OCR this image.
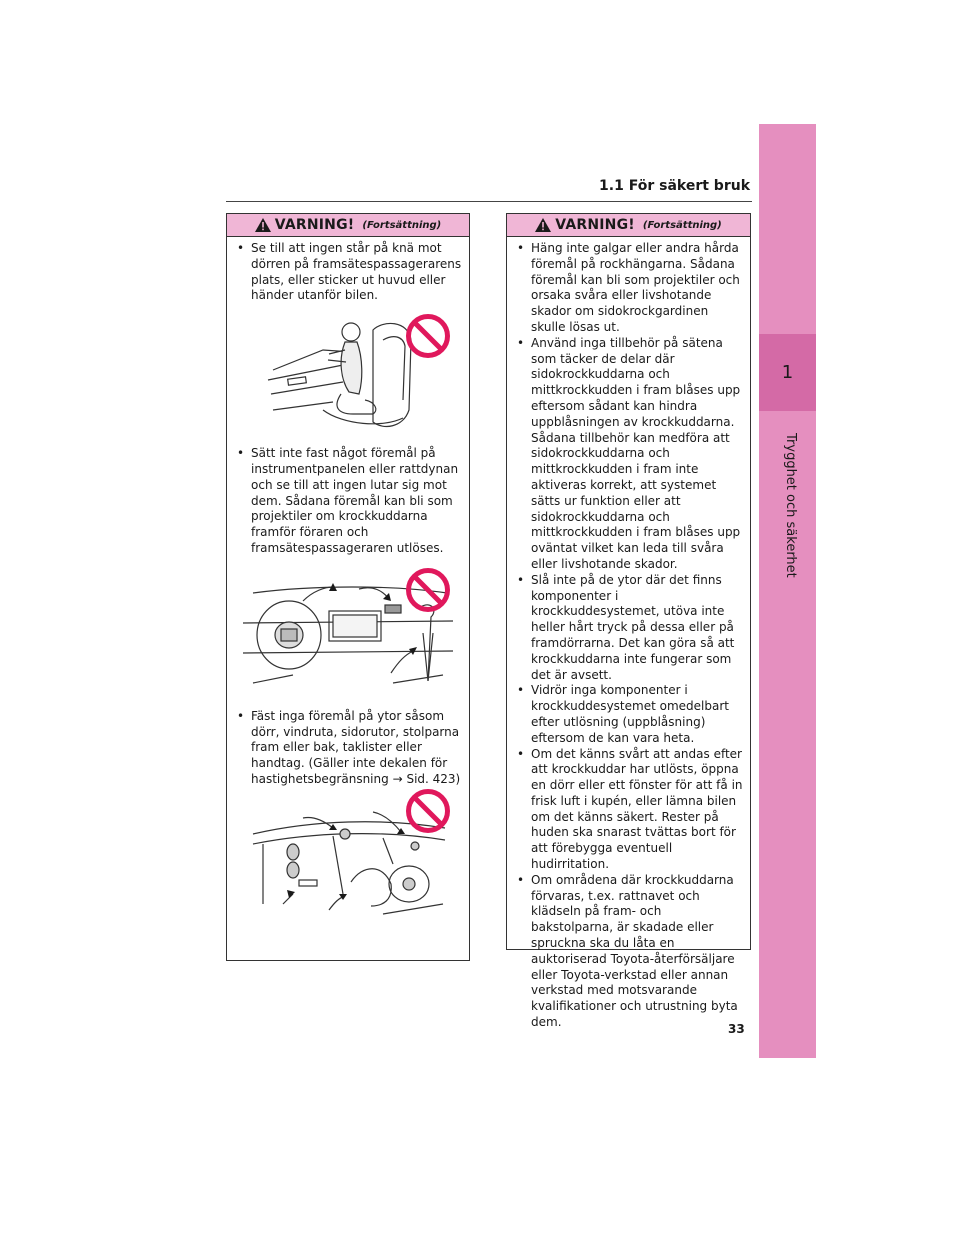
1
Trygghet och säkerhet
1.1 För säkert bruk
VARNING! (Fortsättning)

• Se till att ingen står på knä mot dörren på framsätespassagerarens plats, eller sticker ut huvud eller händer utanför bilen.

• Sätt inte fast något föremål på instrumentpanelen eller rattdynan och se till att ingen lutar sig mot dem. Sådana föremål kan bli som projektiler om krockkuddarna framför föraren och framsätespassageraren utlöses.

• Fäst inga föremål på ytor såsom dörr, vindruta, sidorutor, stolparna fram eller bak, taklister eller handtag. (Gäller inte dekalen för hastighetsbegränsning → Sid. 423)

VARNING! (Fortsättning)

• Häng inte galgar eller andra hårda föremål på rockhängarna. Sådana föremål kan bli som projektiler och orsaka svåra eller livshotande skador om sidokrockgardinen skulle lösas ut.

• Använd inga tillbehör på sätena som täcker de delar där sidokrockkuddarna och mittkrockkudden i fram blåses upp eftersom sådant kan hindra uppblåsningen av krockkuddarna. Sådana tillbehör kan medföra att sidokrockkuddarna och mittkrockkudden i fram inte aktiveras korrekt, att systemet sätts ur funktion eller att sidokrockkuddarna och mittkrockkudden i fram blåses upp oväntat vilket kan leda till svåra eller livshotande skador.

• Slå inte på de ytor där det finns komponenter i krockkuddesystemet, utöva inte heller hårt tryck på dessa eller på framdörrarna. Det kan göra så att krockkuddarna inte fungerar som det är avsett.

• Vidrör inga komponenter i krockkuddesystemet omedelbart efter utlösning (uppblåsning) eftersom de kan vara heta.

• Om det känns svårt att andas efter att krockkuddar har utlösts, öppna en dörr eller ett fönster för att få in frisk luft i kupén, eller lämna bilen om det känns säkert. Rester på huden ska snarast tvättas bort för att förebygga eventuell hudirritation.

• Om områdena där krockkuddarna förvaras, t.ex. rattnavet och klädseln på fram- och bakstolparna, är skadade eller spruckna ska du låta en auktoriserad Toyota-återförsäljare eller Toyota-verkstad eller annan verkstad med motsvarande kvalifikationer och utrustning byta dem.	33
